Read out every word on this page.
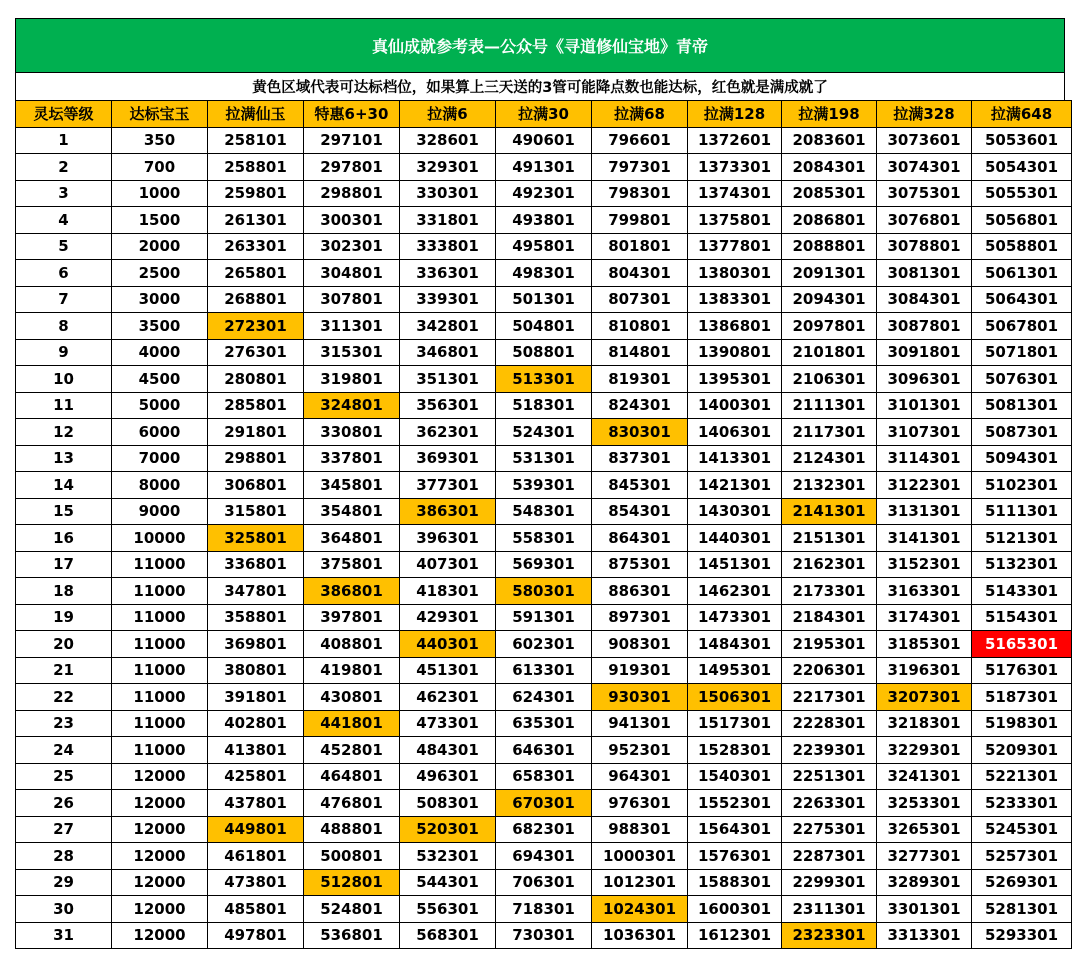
真仙成就参考表—公众号《寻道修仙宝地》青帝
黄色区域代表可达标档位，如果算上三天送的3管可能降点数也能达标，红色就是满成就了
灵坛等级	达标宝玉	拉满仙玉	特惠6+30	拉满6	拉满30	拉满68	拉满128	拉满198	拉满328	拉满648
1	350	258101	297101	328601	490601	796601	1372601	2083601	3073601	5053601
2	700	258801	297801	329301	491301	797301	1373301	2084301	3074301	5054301
3	1000	259801	298801	330301	492301	798301	1374301	2085301	3075301	5055301
4	1500	261301	300301	331801	493801	799801	1375801	2086801	3076801	5056801
5	2000	263301	302301	333801	495801	801801	1377801	2088801	3078801	5058801
6	2500	265801	304801	336301	498301	804301	1380301	2091301	3081301	5061301
7	3000	268801	307801	339301	501301	807301	1383301	2094301	3084301	5064301
8	3500	272301	311301	342801	504801	810801	1386801	2097801	3087801	5067801
9	4000	276301	315301	346801	508801	814801	1390801	2101801	3091801	5071801
10	4500	280801	319801	351301	513301	819301	1395301	2106301	3096301	5076301
11	5000	285801	324801	356301	518301	824301	1400301	2111301	3101301	5081301
12	6000	291801	330801	362301	524301	830301	1406301	2117301	3107301	5087301
13	7000	298801	337801	369301	531301	837301	1413301	2124301	3114301	5094301
14	8000	306801	345801	377301	539301	845301	1421301	2132301	3122301	5102301
15	9000	315801	354801	386301	548301	854301	1430301	2141301	3131301	5111301
16	10000	325801	364801	396301	558301	864301	1440301	2151301	3141301	5121301
17	11000	336801	375801	407301	569301	875301	1451301	2162301	3152301	5132301
18	11000	347801	386801	418301	580301	886301	1462301	2173301	3163301	5143301
19	11000	358801	397801	429301	591301	897301	1473301	2184301	3174301	5154301
20	11000	369801	408801	440301	602301	908301	1484301	2195301	3185301	5165301
21	11000	380801	419801	451301	613301	919301	1495301	2206301	3196301	5176301
22	11000	391801	430801	462301	624301	930301	1506301	2217301	3207301	5187301
23	11000	402801	441801	473301	635301	941301	1517301	2228301	3218301	5198301
24	11000	413801	452801	484301	646301	952301	1528301	2239301	3229301	5209301
25	12000	425801	464801	496301	658301	964301	1540301	2251301	3241301	5221301
26	12000	437801	476801	508301	670301	976301	1552301	2263301	3253301	5233301
27	12000	449801	488801	520301	682301	988301	1564301	2275301	3265301	5245301
28	12000	461801	500801	532301	694301	1000301	1576301	2287301	3277301	5257301
29	12000	473801	512801	544301	706301	1012301	1588301	2299301	3289301	5269301
30	12000	485801	524801	556301	718301	1024301	1600301	2311301	3301301	5281301
31	12000	497801	536801	568301	730301	1036301	1612301	2323301	3313301	5293301
